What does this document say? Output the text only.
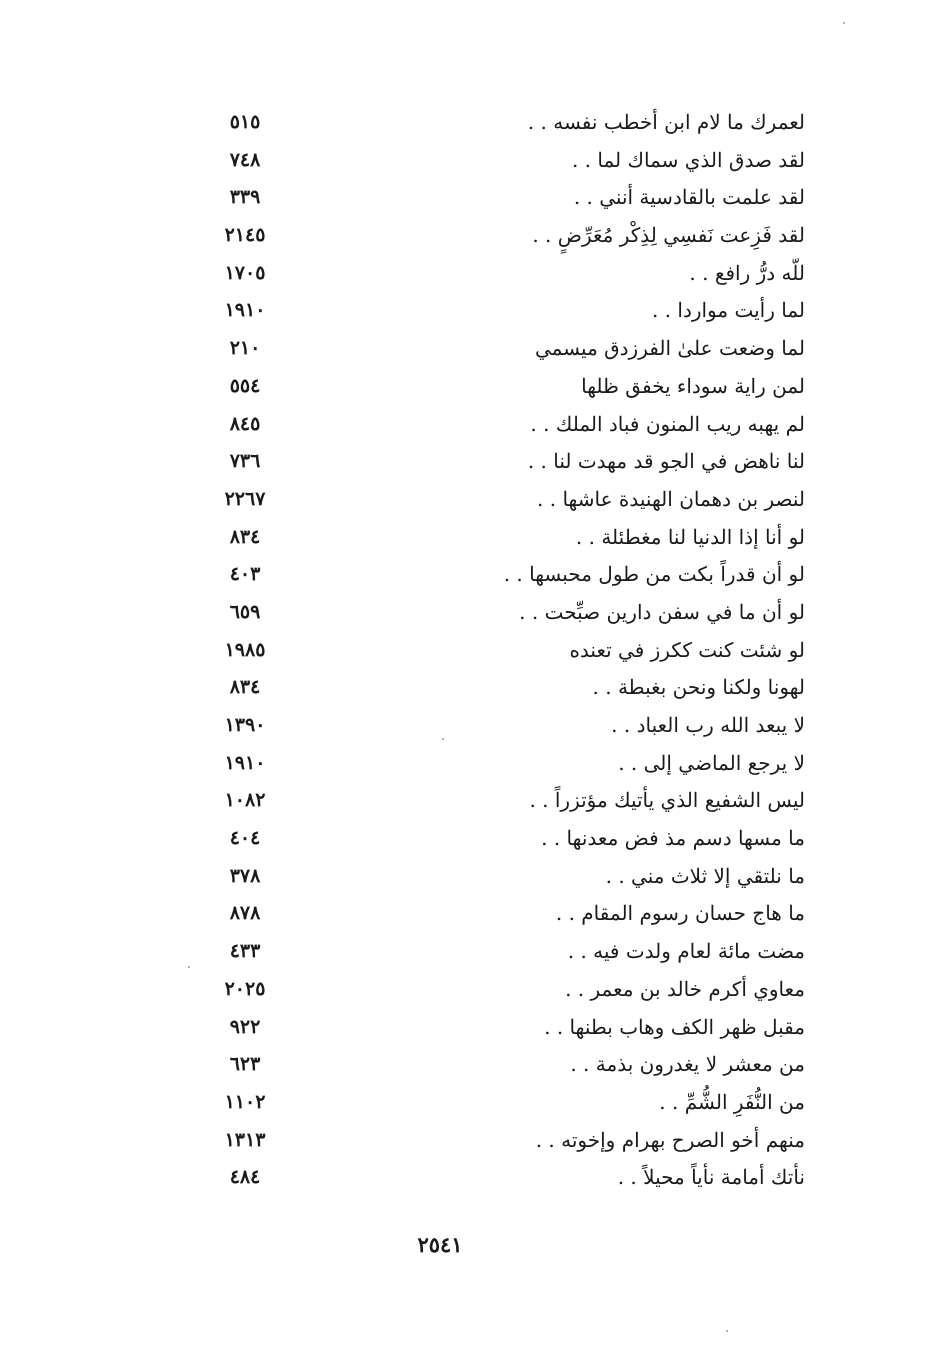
لعمرك ما لام ابن أخطب نفسه . .
٥١٥
لقد صدق الذي سماك لما . .
٧٤٨
لقد علمت بالقادسية أنني . .
٣٣٩
لقد فَزِعت نَفسِي لِذِكْر مُعَرِّضٍ . .
٢١٤٥
للّه درُّ رافع . .
١٧٠٥
لما رأيت مواردا . .
١٩١٠
لما وضعت علىٰ الفرزدق ميسمي
٢١٠
لمن راية سوداء يخفق ظلها
٥٥٤
لم يهبه ريب المنون فباد الملك . .
٨٤٥
لنا ناهض في الجو قد مهدت لنا . .
٧٣٦
لنصر بن دهمان الهنيدة عاشها . .
٢٢٦٧
لو أنا إذا الدنيا لنا مغطئلة . .
٨٣٤
لو أن قدراً بكت من طول محبسها . .
٤٠٣
لو أن ما في سفن دارين صبِّحت . .
٦٥٩
لو شئت كنت ككرز في تعنده
١٩٨٥
لهونا ولكنا ونحن بغبطة . .
٨٣٤
لا يبعد الله رب العباد . .
١٣٩٠
لا يرجع الماضي إلى . .
١٩١٠
ليس الشفيع الذي يأتيك مؤتزراً . .
١٠٨٢
ما مسها دسم مذ فض معدنها . .
٤٠٤
ما نلتقي إلا ثلاث مني . .
٣٧٨
ما هاج حسان رسوم المقام . .
٨٧٨
مضت مائة لعام ولدت فيه . .
٤٣٣
معاوي أكرم خالد بن معمر . .
٢٠٢٥
مقبل ظهر الكف وهاب بطنها . .
٩٢٢
من معشر لا يغدرون بذمة . .
٦٢٣
من النُّفَرِ الشُّمِّ . .
١١٠٢
منهم أخو الصرح بهرام وإخوته . .
١٣١٣
نأتك أمامة نأياً محيلاً . .
٤٨٤
٢٥٤١
